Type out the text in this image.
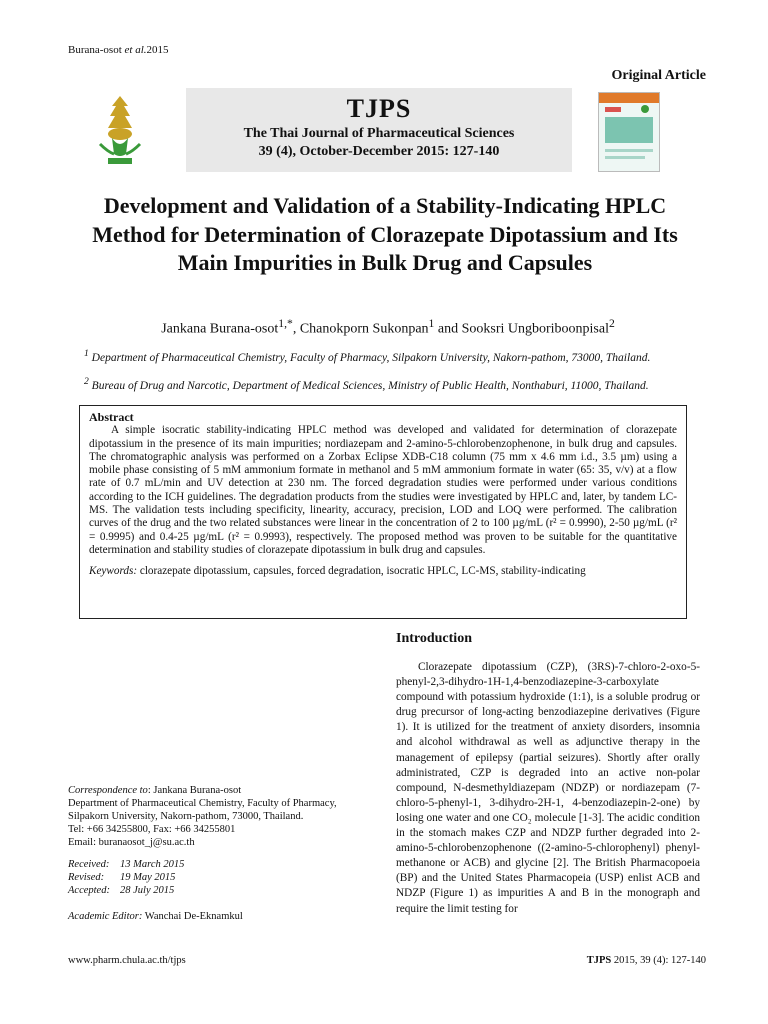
Burana-osot et al.2015
Original Article
TJPS
The Thai Journal of Pharmaceutical Sciences
39 (4), October-December 2015: 127-140
Development and Validation of a Stability-Indicating HPLC Method for Determination of Clorazepate Dipotassium and Its Main Impurities in Bulk Drug and Capsules
Jankana Burana-osot$^{1,*}$, Chanokporn Sukonpan$^1$ and Sooksri Ungboriboonpisal$^2$
$^1$ Department of Pharmaceutical Chemistry, Faculty of Pharmacy, Silpakorn University, Nakorn-pathom, 73000, Thailand.
$^2$ Bureau of Drug and Narcotic, Department of Medical Sciences, Ministry of Public Health, Nonthaburi, 11000, Thailand.
Abstract

A simple isocratic stability-indicating HPLC method was developed and validated for determination of clorazepate dipotassium in the presence of its main impurities; nordiazepam and 2-amino-5-chlorobenzophenone, in bulk drug and capsules. The chromatographic analysis was performed on a Zorbax Eclipse XDB-C18 column (75 mm x 4.6 mm i.d., 3.5 µm) using a mobile phase consisting of 5 mM ammonium formate in methanol and 5 mM ammonium formate in water (65: 35, v/v) at a flow rate of 0.7 mL/min and UV detection at 230 nm. The forced degradation studies were performed under various conditions according to the ICH guidelines. The degradation products from the studies were investigated by HPLC and, later, by tandem LC-MS. The validation tests including specificity, linearity, accuracy, precision, LOD and LOQ were performed. The calibration curves of the drug and the two related substances were linear in the concentration of 2 to 100 µg/mL (r² = 0.9990), 2-50 µg/mL (r² = 0.9995) and 0.4-25 µg/mL (r² = 0.9993), respectively. The proposed method was proven to be suitable for the quantitative determination and stability studies of clorazepate dipotassium in bulk drug and capsules.

Keywords: clorazepate dipotassium, capsules, forced degradation, isocratic HPLC, LC-MS, stability-indicating
Introduction
Clorazepate dipotassium (CZP), (3RS)-7-chloro-2-oxo-5-phenyl-2,3-dihydro-1H-1,4-benzodiazepine-3-carboxylate compound with potassium hydroxide (1:1), is a soluble prodrug or drug precursor of long-acting benzodiazepine derivatives (Figure 1). It is utilized for the treatment of anxiety disorders, insomnia and alcohol withdrawal as well as adjunctive therapy in the management of epilepsy (partial seizures). Shortly after orally administrated, CZP is degraded into an active non-polar compound, N-desmethyldiazepam (NDZP) or nordiazepam (7-chloro-5-phenyl-1, 3-dihydro-2H-1, 4-benzodiazepin-2-one) by losing one water and one CO₂ molecule [1-3]. The acidic condition in the stomach makes CZP and NDZP further degraded into 2-amino-5-chlorobenzophenone ((2-amino-5-chlorophenyl) phenyl-methanone or ACB) and glycine [2]. The British Pharmacopoeia (BP) and the United States Pharmacopeia (USP) enlist ACB and NDZP (Figure 1) as impurities A and B in the monograph and require the limit testing for
Correspondence to: Jankana Burana-osot
Department of Pharmaceutical Chemistry, Faculty of Pharmacy,
Silpakorn University, Nakorn-pathom, 73000, Thailand.
Tel: +66 34255800, Fax: +66 34255801
Email: buranaosot_j@su.ac.th
Received: 13 March 2015
Revised: 19 May 2015
Accepted: 28 July 2015
Academic Editor: Wanchai De-Eknamkul
www.pharm.chula.ac.th/tjps	TJPS 2015, 39 (4): 127-140
